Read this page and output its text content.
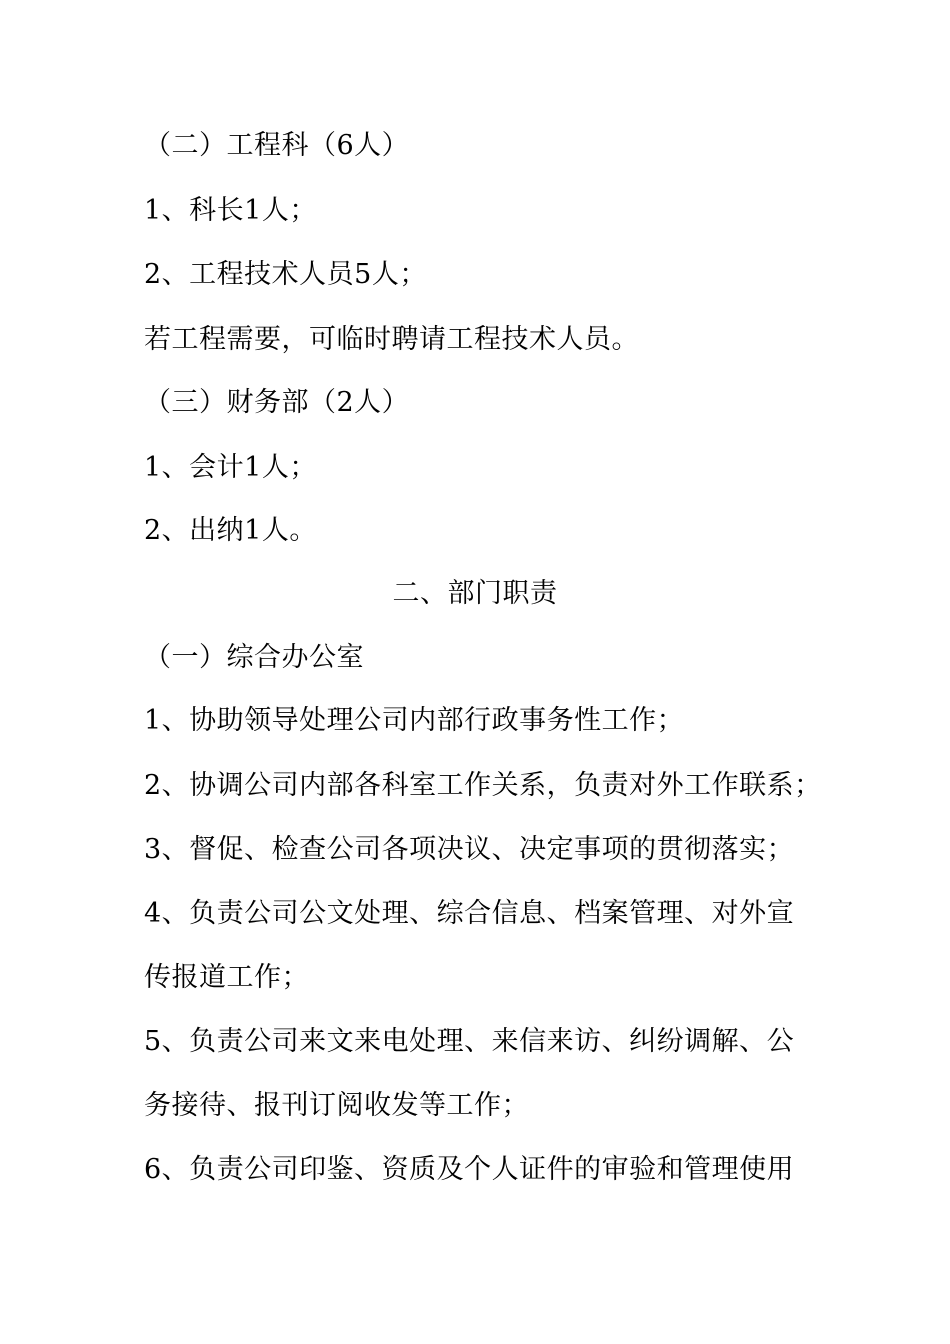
（二）工程科（6人）
1、科长1人；
2、工程技术人员5人；
若工程需要，可临时聘请工程技术人员。
（三）财务部（2人）
1、会计1人；
2、出纳1人。
二、部门职责
（一）综合办公室
1、协助领导处理公司内部行政事务性工作；
2、协调公司内部各科室工作关系，负责对外工作联系；
3、督促、检查公司各项决议、决定事项的贯彻落实；
4、负责公司公文处理、综合信息、档案管理、对外宣
传报道工作；
5、负责公司来文来电处理、来信来访、纠纷调解、公
务接待、报刊订阅收发等工作；
6、负责公司印鉴、资质及个人证件的审验和管理使用
